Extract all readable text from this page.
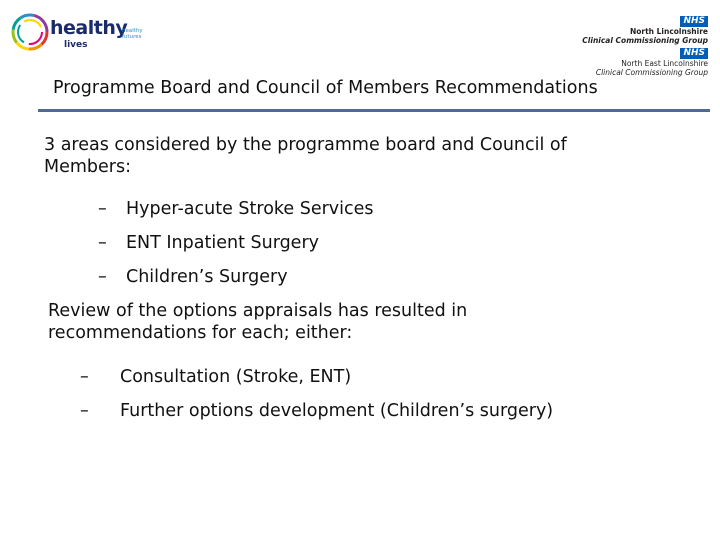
healthy
lives
healthy futures
NHS
North Lincolnshire
Clinical Commissioning Group
NHS
North East Lincolnshire
Clinical Commissioning Group
Programme Board and Council of Members Recommendations
3 areas considered by the programme board and Council of
Members:
– Hyper-acute Stroke Services
– ENT Inpatient Surgery
– Children’s Surgery
Review of the options appraisals has resulted in
recommendations for each; either:
– Consultation (Stroke, ENT)
– Further options development (Children’s surgery)
